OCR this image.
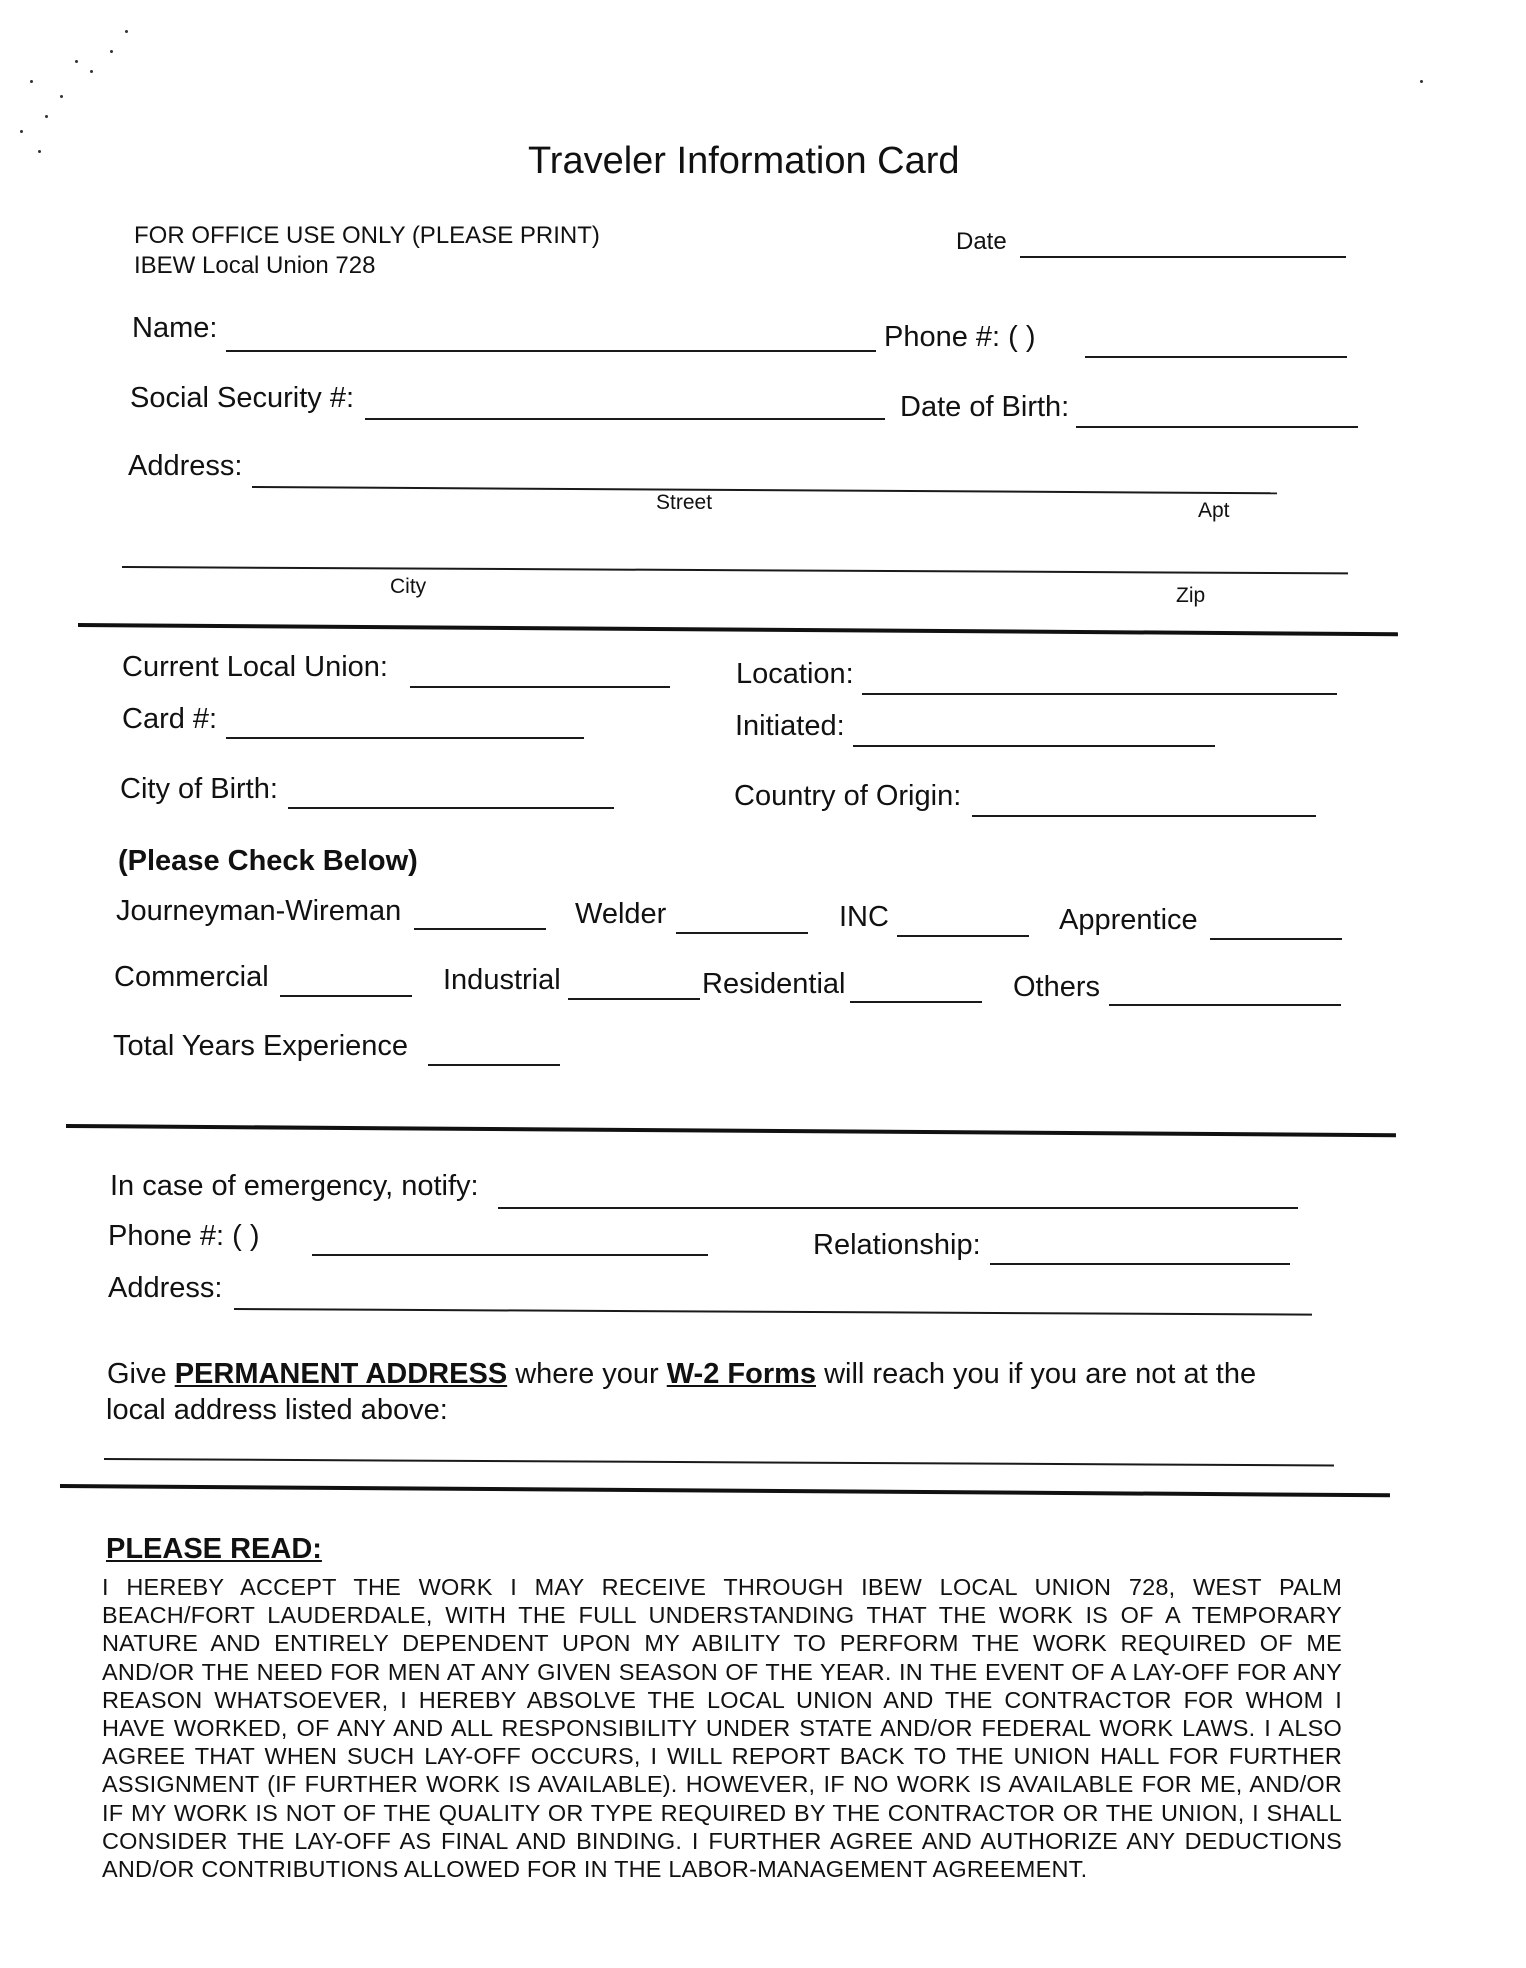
Traveler Information Card
FOR OFFICE USE ONLY (PLEASE PRINT)
IBEW Local Union 728
Date
Name:	Phone #: ( )
Social Security #:	Date of Birth:
Address:
Street	Apt
City	Zip
Current Local Union:	Location:
Card #:	Initiated:
City of Birth:	Country of Origin:
(Please Check Below)
Journeyman-Wireman	Welder	INC	Apprentice
Commercial	Industrial	Residential	Others
Total Years Experience
In case of emergency, notify:
Phone #: ( )	Relationship:
Address:
Give PERMANENT ADDRESS where your W-2 Forms will reach you if you are not at the
local address listed above:
PLEASE READ:
I HEREBY ACCEPT THE WORK I MAY RECEIVE THROUGH IBEW LOCAL UNION 728, WEST PALM BEACH/FORT LAUDERDALE, WITH THE FULL UNDERSTANDING THAT THE WORK IS OF A TEMPORARY NATURE AND ENTIRELY DEPENDENT UPON MY ABILITY TO PERFORM THE WORK REQUIRED OF ME AND/OR THE NEED FOR MEN AT ANY GIVEN SEASON OF THE YEAR. IN THE EVENT OF A LAY-OFF FOR ANY REASON WHATSOEVER, I HEREBY ABSOLVE THE LOCAL UNION AND THE CONTRACTOR FOR WHOM I HAVE WORKED, OF ANY AND ALL RESPONSIBILITY UNDER STATE AND/OR FEDERAL WORK LAWS. I ALSO AGREE THAT WHEN SUCH LAY-OFF OCCURS, I WILL REPORT BACK TO THE UNION HALL FOR FURTHER ASSIGNMENT (IF FURTHER WORK IS AVAILABLE). HOWEVER, IF NO WORK IS AVAILABLE FOR ME, AND/OR IF MY WORK IS NOT OF THE QUALITY OR TYPE REQUIRED BY THE CONTRACTOR OR THE UNION, I SHALL CONSIDER THE LAY-OFF AS FINAL AND BINDING. I FURTHER AGREE AND AUTHORIZE ANY DEDUCTIONS AND/OR CONTRIBUTIONS ALLOWED FOR IN THE LABOR-MANAGEMENT AGREEMENT.
